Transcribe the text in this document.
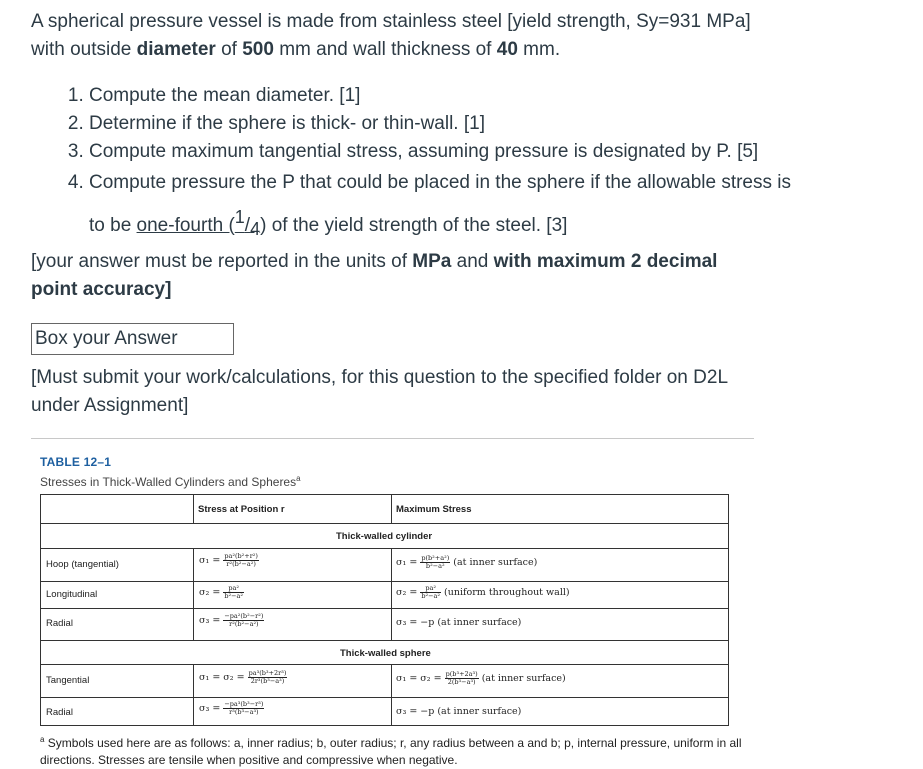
A spherical pressure vessel is made from stainless steel [yield strength, Sy=931 MPa]
with outside diameter of 500 mm and wall thickness of 40 mm.
1. Compute the mean diameter. [1]
2. Determine if the sphere is thick- or thin-wall. [1]
3. Compute maximum tangential stress, assuming pressure is designated by P. [5]
4. Compute pressure the P that could be placed in the sphere if the allowable stress is to be one-fourth $(^1/_4)$ of the yield strength of the steel. [3]
[your answer must be reported in the units of MPa and with maximum 2 decimal point accuracy]
Box your Answer
[Must submit your work/calculations, for this question to the specified folder on D2L under Assignment]
TABLE 12–1
Stresses in Thick-Walled Cylinders and Spheres$^a$
Stress at Position r	Maximum Stress
Thick-walled cylinder
Thick-walled sphere
Hoop (tangential)
Longitudinal
Radial
Tangential
Radial
$\sigma_1 = \frac{\text{pa²(b²+r²)}}{\text{r²(b²−a²)}}$
$\sigma_2 = \frac{\text{pa²}}{\text{b²−a²}}$
$\sigma_3 = \frac{\text{−pa²(b²−r²)}}{\text{r²(b²−a²)}}$
$\sigma_1 = \frac{\text{p(b²+a²)}}{\text{b²−a²}} (at$ inner surface)
$\sigma_2 = \frac{\text{pa²}}{\text{b²−a²}}$ (uniform throughout wall)
σ₃ = −p (at inner surface)
$\sigma_1 = \sigma_2 = \frac{\text{pa³(b³+2r³)}}{\text{2r³(b³−a³)}}$
$\sigma_3 = \frac{\text{−pa³(b³−r³)}}{\text{r³(b³−a³)}}$
$\sigma_1 = \sigma_2 = \frac{\text{p(b³+2a³)}}{\text{2(b³−a³)}} (at$ inner surface)
σ₃ = −p (at inner surface)
$^a$ Symbols used here are as follows: a, inner radius; b, outer radius; r, any radius between a and b; p, internal pressure, uniform in all directions. Stresses are tensile when positive and compressive when negative.
